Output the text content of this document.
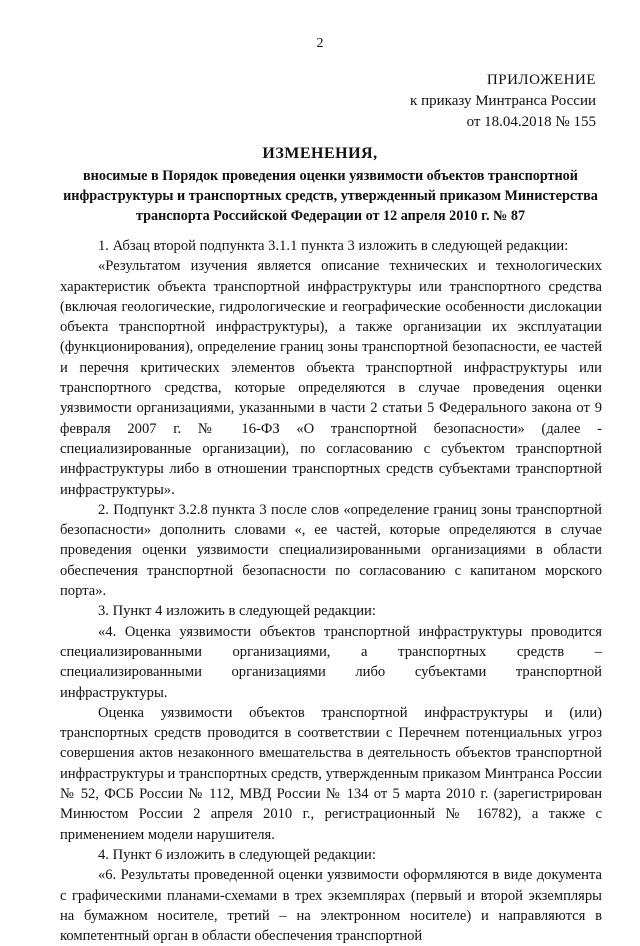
2
ПРИЛОЖЕНИЕ
к приказу Минтранса России
от 18.04.2018 № 155
ИЗМЕНЕНИЯ,
вносимые в Порядок проведения оценки уязвимости объектов транспортной инфраструктуры и транспортных средств, утвержденный приказом Министерства транспорта Российской Федерации от 12 апреля 2010 г. № 87

1. Абзац второй подпункта 3.1.1 пункта 3 изложить в следующей редакции:

«Результатом изучения является описание технических и технологических характеристик объекта транспортной инфраструктуры или транспортного средства (включая геологические, гидрологические и географические особенности дислокации объекта транспортной инфраструктуры), а также организации их эксплуатации (функционирования), определение границ зоны транспортной безопасности, ее частей и перечня критических элементов объекта транспортной инфраструктуры или транспортного средства, которые определяются в случае проведения оценки уязвимости организациями, указанными в части 2 статьи 5 Федерального закона от 9 февраля 2007 г. № 16-ФЗ «О транспортной безопасности» (далее - специализированные организации), по согласованию с субъектом транспортной инфраструктуры либо в отношении транспортных средств субъектами транспортной инфраструктуры».

2. Подпункт 3.2.8 пункта 3 после слов «определение границ зоны транспортной безопасности» дополнить словами «, ее частей, которые определяются в случае проведения оценки уязвимости специализированными организациями в области обеспечения транспортной безопасности по согласованию с капитаном морского порта».

3. Пункт 4 изложить в следующей редакции:

«4. Оценка уязвимости объектов транспортной инфраструктуры проводится специализированными организациями, а транспортных средств – специализированными организациями либо субъектами транспортной инфраструктуры.

Оценка уязвимости объектов транспортной инфраструктуры и (или) транспортных средств проводится в соответствии с Перечнем потенциальных угроз совершения актов незаконного вмешательства в деятельность объектов транспортной инфраструктуры и транспортных средств, утвержденным приказом Минтранса России № 52, ФСБ России № 112, МВД России № 134 от 5 марта 2010 г. (зарегистрирован Минюстом России 2 апреля 2010 г., регистрационный № 16782), а также с применением модели нарушителя.

4. Пункт 6 изложить в следующей редакции:

«6. Результаты проведенной оценки уязвимости оформляются в виде документа с графическими планами-схемами в трех экземплярах (первый и второй экземпляры на бумажном носителе, третий – на электронном носителе) и направляются в компетентный орган в области обеспечения транспортной
